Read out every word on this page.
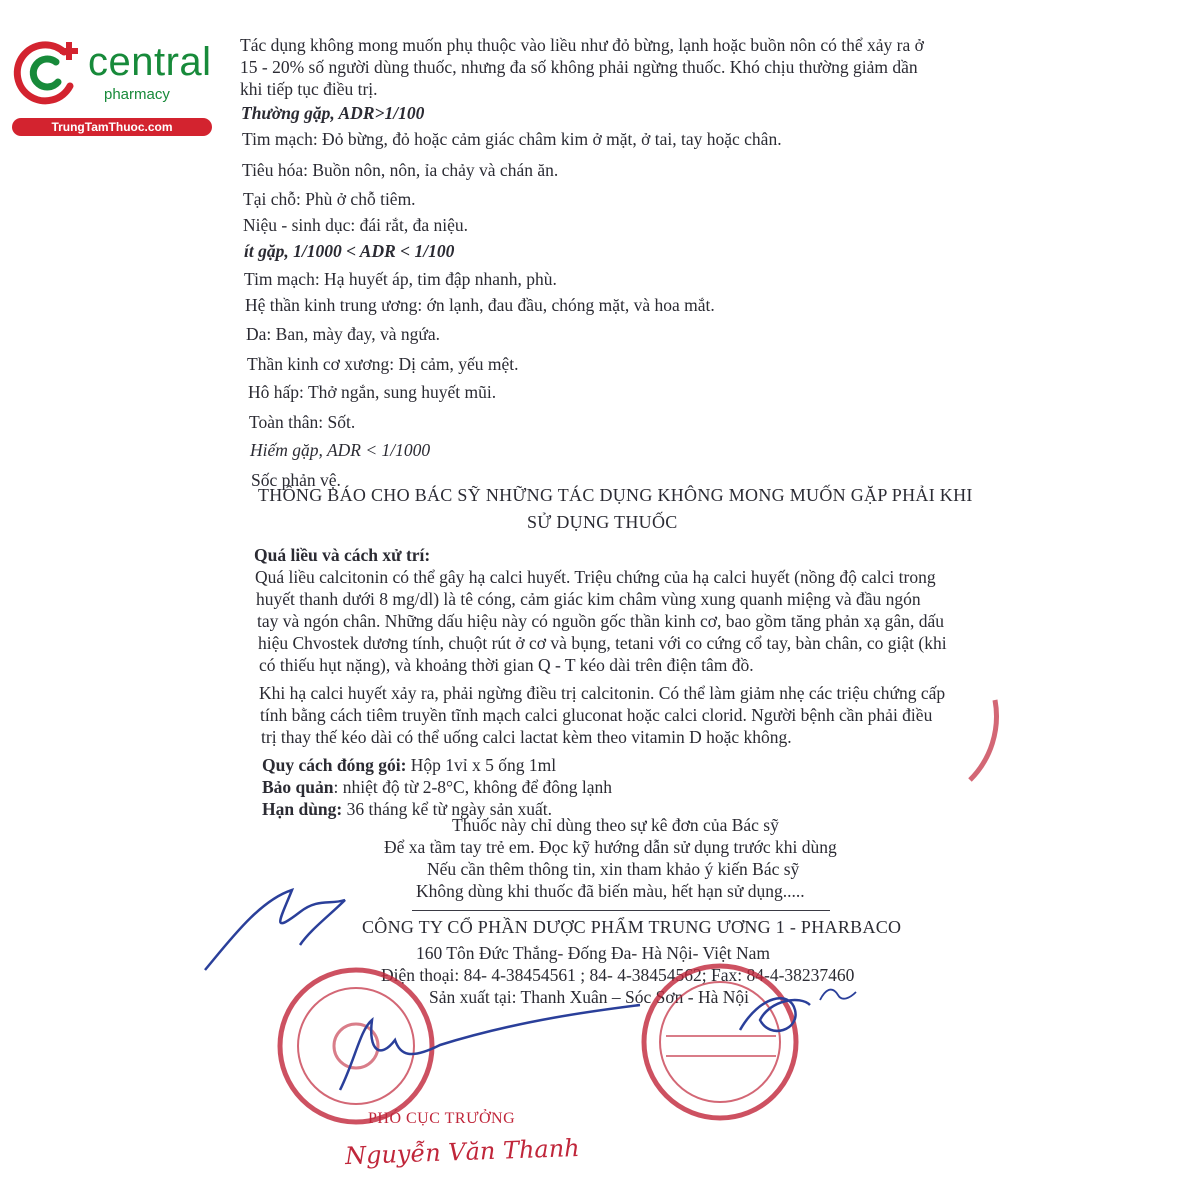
central
pharmacy
TrungTamThuoc.com
Tác dụng không mong muốn phụ thuộc vào liều như đỏ bừng, lạnh hoặc buồn nôn có thể xảy ra ở
15 - 20% số người dùng thuốc, nhưng đa số không phải ngừng thuốc. Khó chịu thường giảm dần
khi tiếp tục điều trị.
Thường gặp, ADR>1/100
Tim mạch: Đỏ bừng, đỏ hoặc cảm giác châm kim ở mặt, ở tai, tay hoặc chân.
Tiêu hóa: Buồn nôn, nôn, ỉa chảy và chán ăn.
Tại chỗ: Phù ở chỗ tiêm.
Niệu - sinh dục: đái rắt, đa niệu.
ít gặp, 1/1000 < ADR < 1/100
Tim mạch: Hạ huyết áp, tim đập nhanh, phù.
Hệ thần kinh trung ương: ớn lạnh, đau đầu, chóng mặt, và hoa mắt.
Da: Ban, mày đay, và ngứa.
Thần kinh cơ xương: Dị cảm, yếu mệt.
Hô hấp: Thở ngắn, sung huyết mũi.
Toàn thân: Sốt.
Hiếm gặp, ADR < 1/1000
Sốc phản vệ.
THÔNG BÁO CHO BÁC SỸ NHỮNG TÁC DỤNG KHÔNG MONG MUỐN GẶP PHẢI KHI
SỬ DỤNG THUỐC
Quá liều và cách xử trí:
Quá liều calcitonin có thể gây hạ calci huyết. Triệu chứng của hạ calci huyết (nồng độ calci trong
huyết thanh dưới 8 mg/dl) là tê cóng, cảm giác kim châm vùng xung quanh miệng và đầu ngón
tay và ngón chân. Những dấu hiệu này có nguồn gốc thần kinh cơ, bao gồm tăng phản xạ gân, dấu
hiệu Chvostek dương tính, chuột rút ở cơ và bụng, tetani với co cứng cổ tay, bàn chân, co giật (khi
có thiếu hụt nặng), và khoảng thời gian Q - T kéo dài trên điện tâm đồ.
Khi hạ calci huyết xảy ra, phải ngừng điều trị calcitonin. Có thể làm giảm nhẹ các triệu chứng cấp
tính bằng cách tiêm truyền tĩnh mạch calci gluconat hoặc calci clorid. Người bệnh cần phải điều
trị thay thế kéo dài có thể uống calci lactat kèm theo vitamin D hoặc không.
Quy cách đóng gói: Hộp 1vỉ x 5 ống 1ml
Bảo quản: nhiệt độ từ 2-8°C, không để đông lạnh
Hạn dùng: 36 tháng kể từ ngày sản xuất.
Thuốc này chỉ dùng theo sự kê đơn của Bác sỹ
Để xa tầm tay trẻ em. Đọc kỹ hướng dẫn sử dụng trước khi dùng
Nếu cần thêm thông tin, xin tham khảo ý kiến Bác sỹ
Không dùng khi thuốc đã biến màu, hết hạn sử dụng.....
CÔNG TY CỔ PHẦN DƯỢC PHẨM TRUNG ƯƠNG 1 - PHARBACO
160 Tôn Đức Thắng- Đống Đa- Hà Nội- Việt Nam
Điện thoại: 84- 4-38454561 ; 84- 4-38454562; Fax: 84-4-38237460
Sản xuất tại: Thanh Xuân – Sóc Sơn - Hà Nội
PHÓ CỤC TRƯỞNG
Nguyễn Văn Thanh
